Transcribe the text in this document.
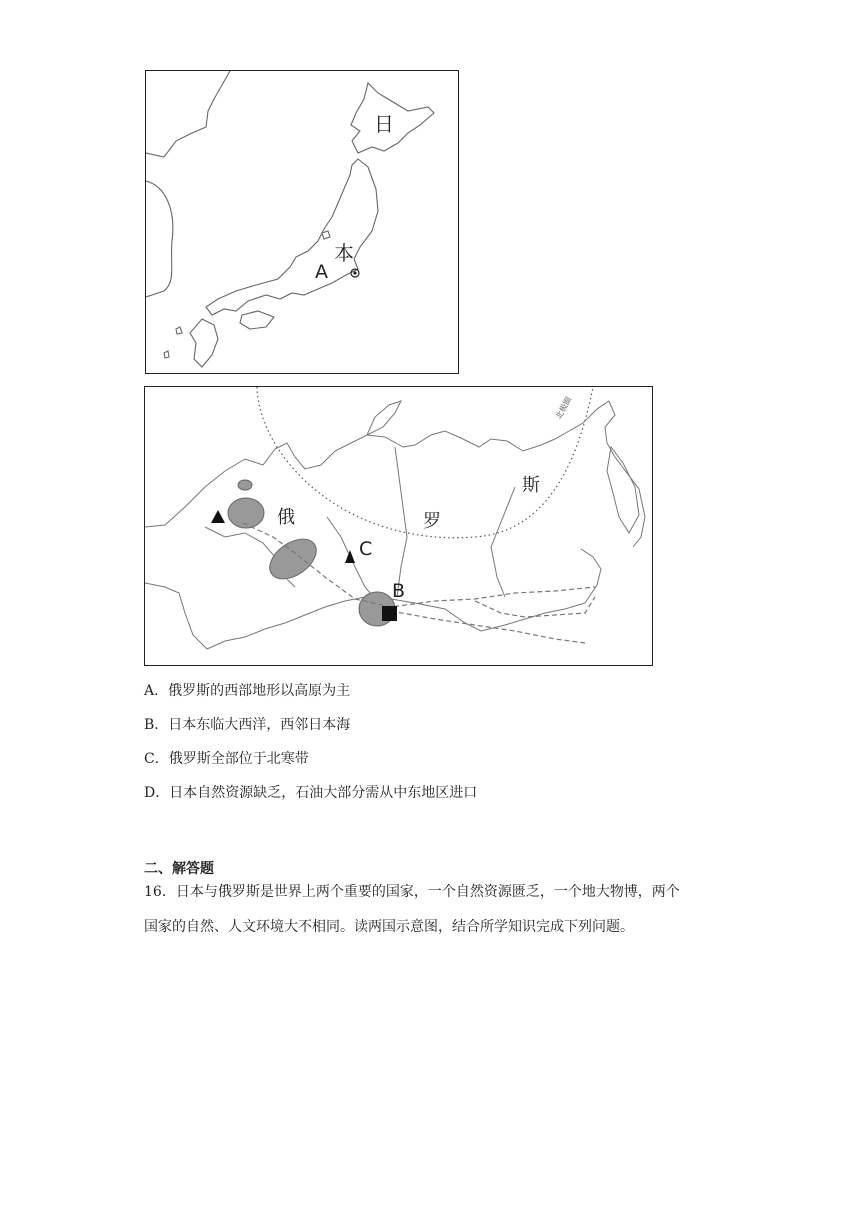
日
本
A
俄	罗
斯
C
B
北极圈
A．俄罗斯的西部地形以高原为主
B．日本东临大西洋，西邻日本海
C．俄罗斯全部位于北寒带
D．日本自然资源缺乏，石油大部分需从中东地区进口
二、解答题
16．日本与俄罗斯是世界上两个重要的国家，一个自然资源匮乏，一个地大物博，两个
国家的自然、人文环境大不相同。读两国示意图，结合所学知识完成下列问题。
